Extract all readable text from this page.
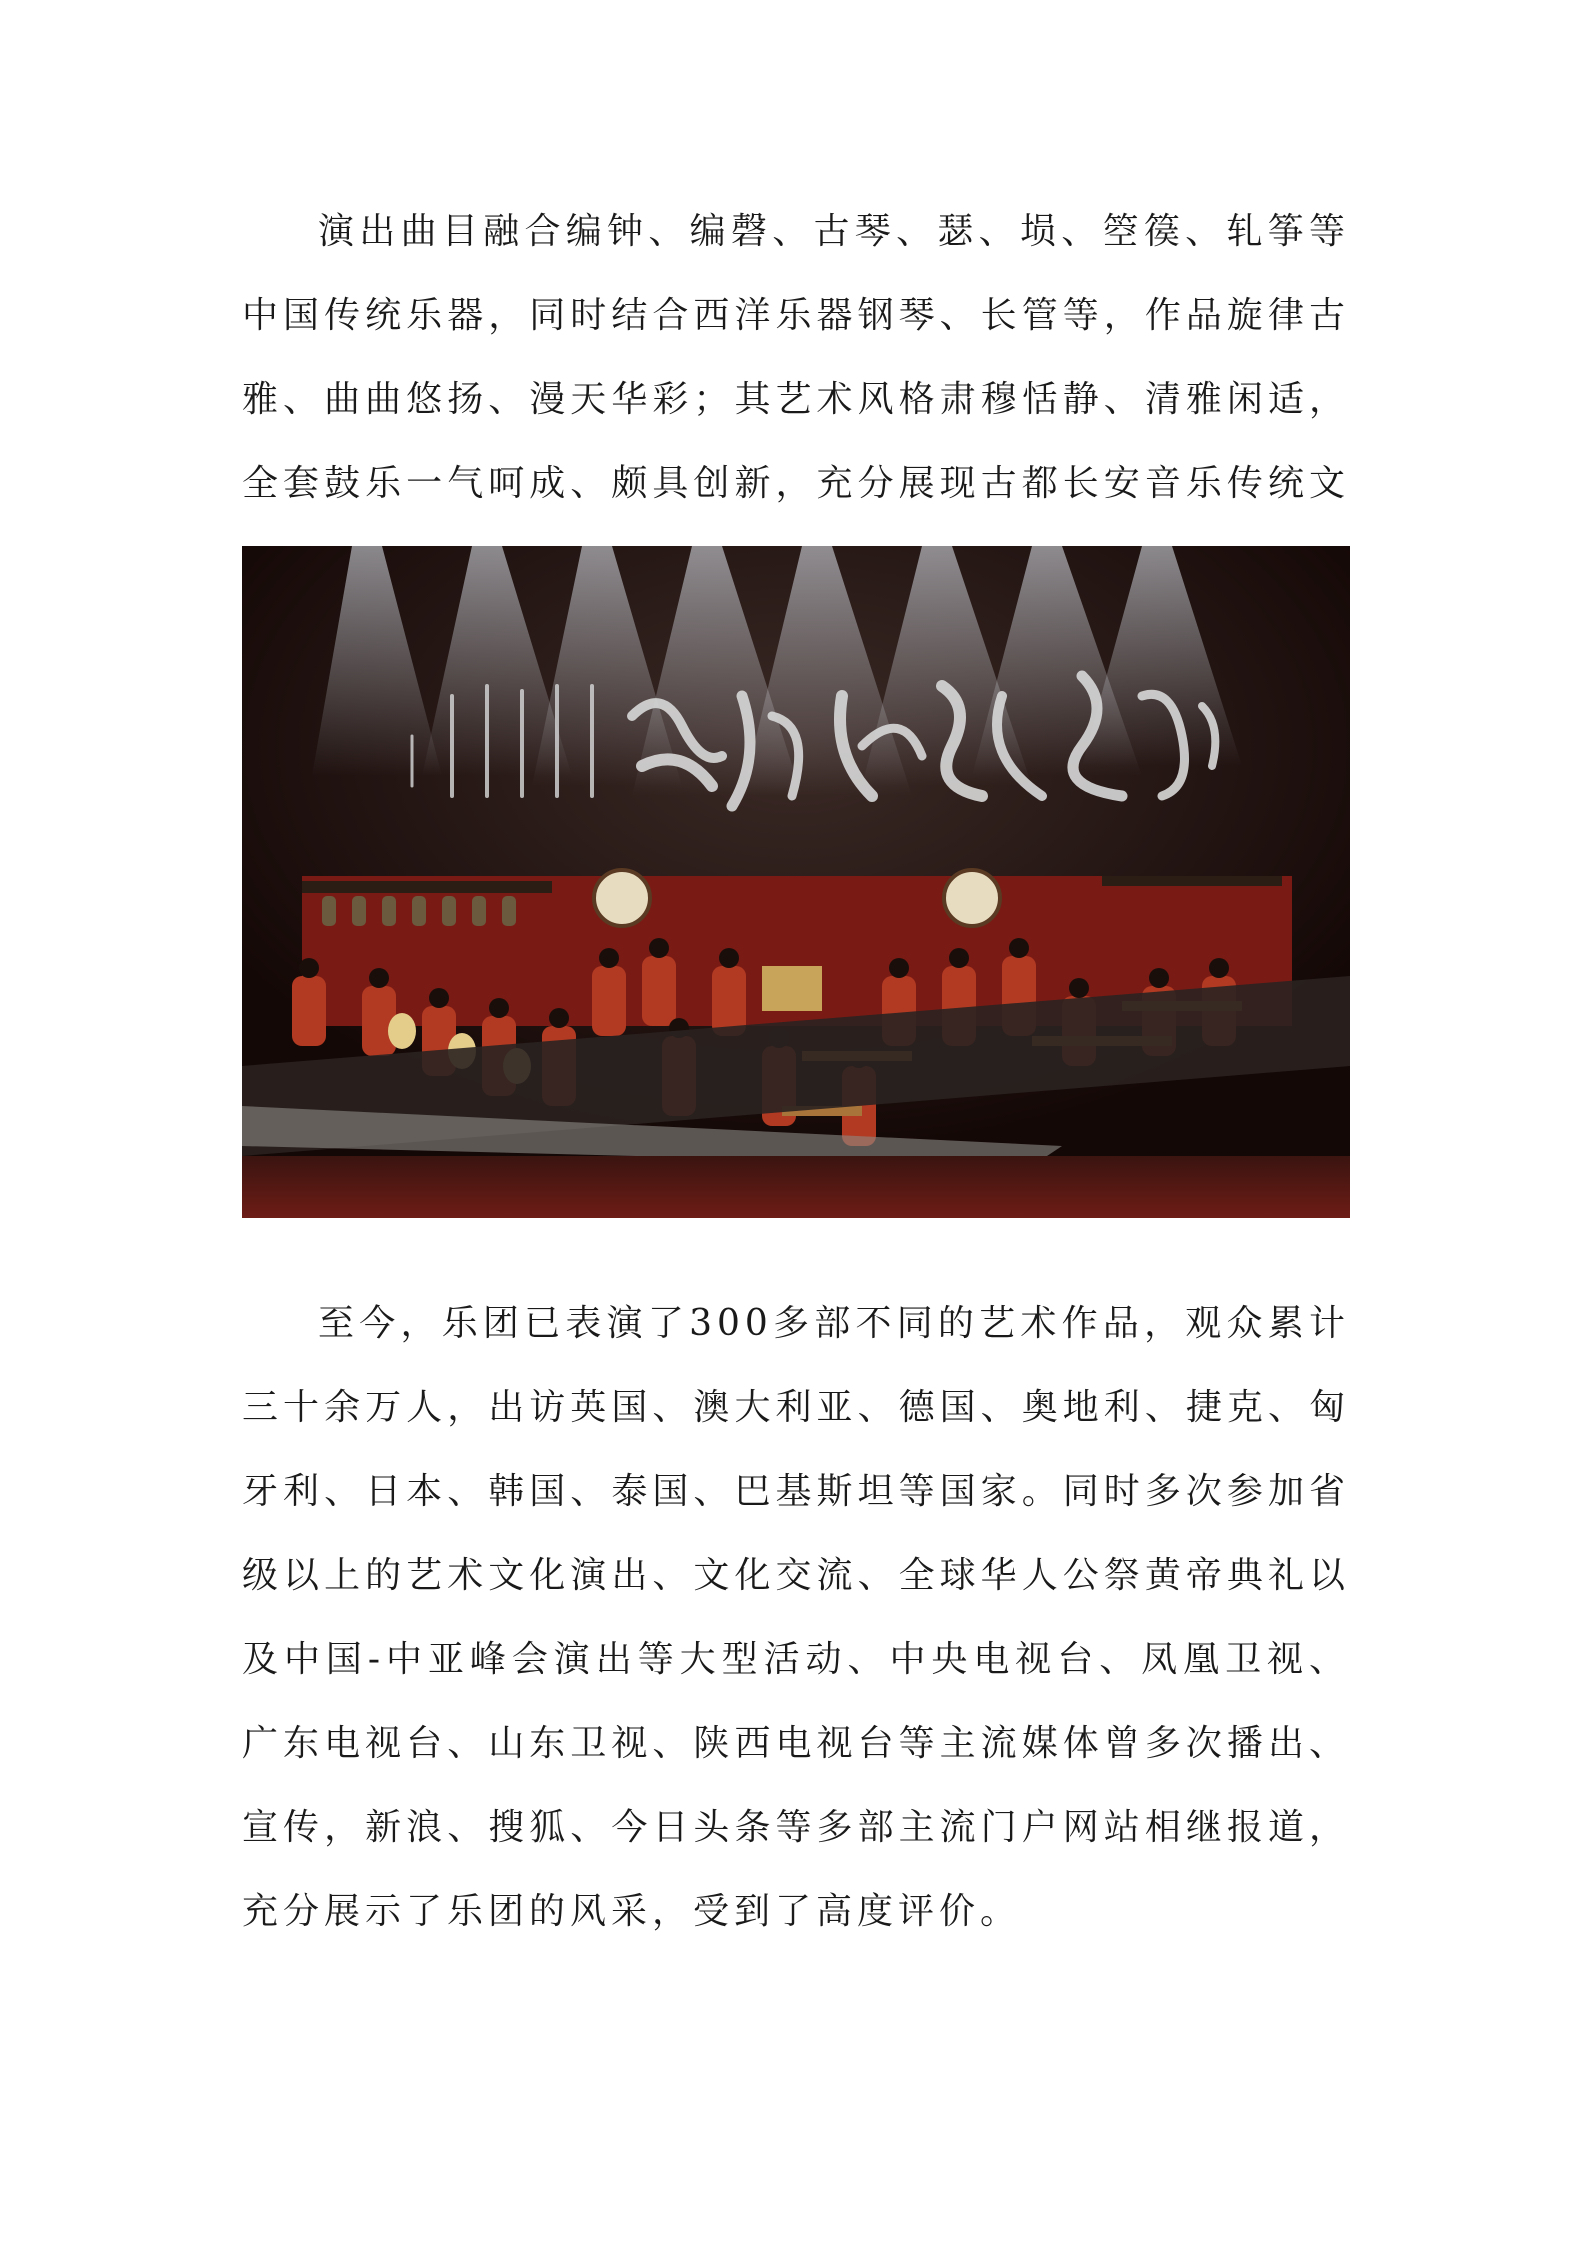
演出曲目融合编钟、编磬、古琴、瑟、埙、箜篌、轧筝等中国传统乐器，同时结合西洋乐器钢琴、长管等，作品旋律古雅、曲曲悠扬、漫天华彩；其艺术风格肃穆恬静、清雅闲适，全套鼓乐一气呵成、颇具创新，充分展现古都长安音乐传统文

至今，乐团已表演了300多部不同的艺术作品，观众累计三十余万人，出访英国、澳大利亚、德国、奥地利、捷克、匈牙利、日本、韩国、泰国、巴基斯坦等国家。同时多次参加省级以上的艺术文化演出、文化交流、全球华人公祭黄帝典礼以及中国-中亚峰会演出等大型活动、中央电视台、凤凰卫视、广东电视台、山东卫视、陕西电视台等主流媒体曾多次播出、宣传，新浪、搜狐、今日头条等多部主流门户网站相继报道，充分展示了乐团的风采，受到了高度评价。
